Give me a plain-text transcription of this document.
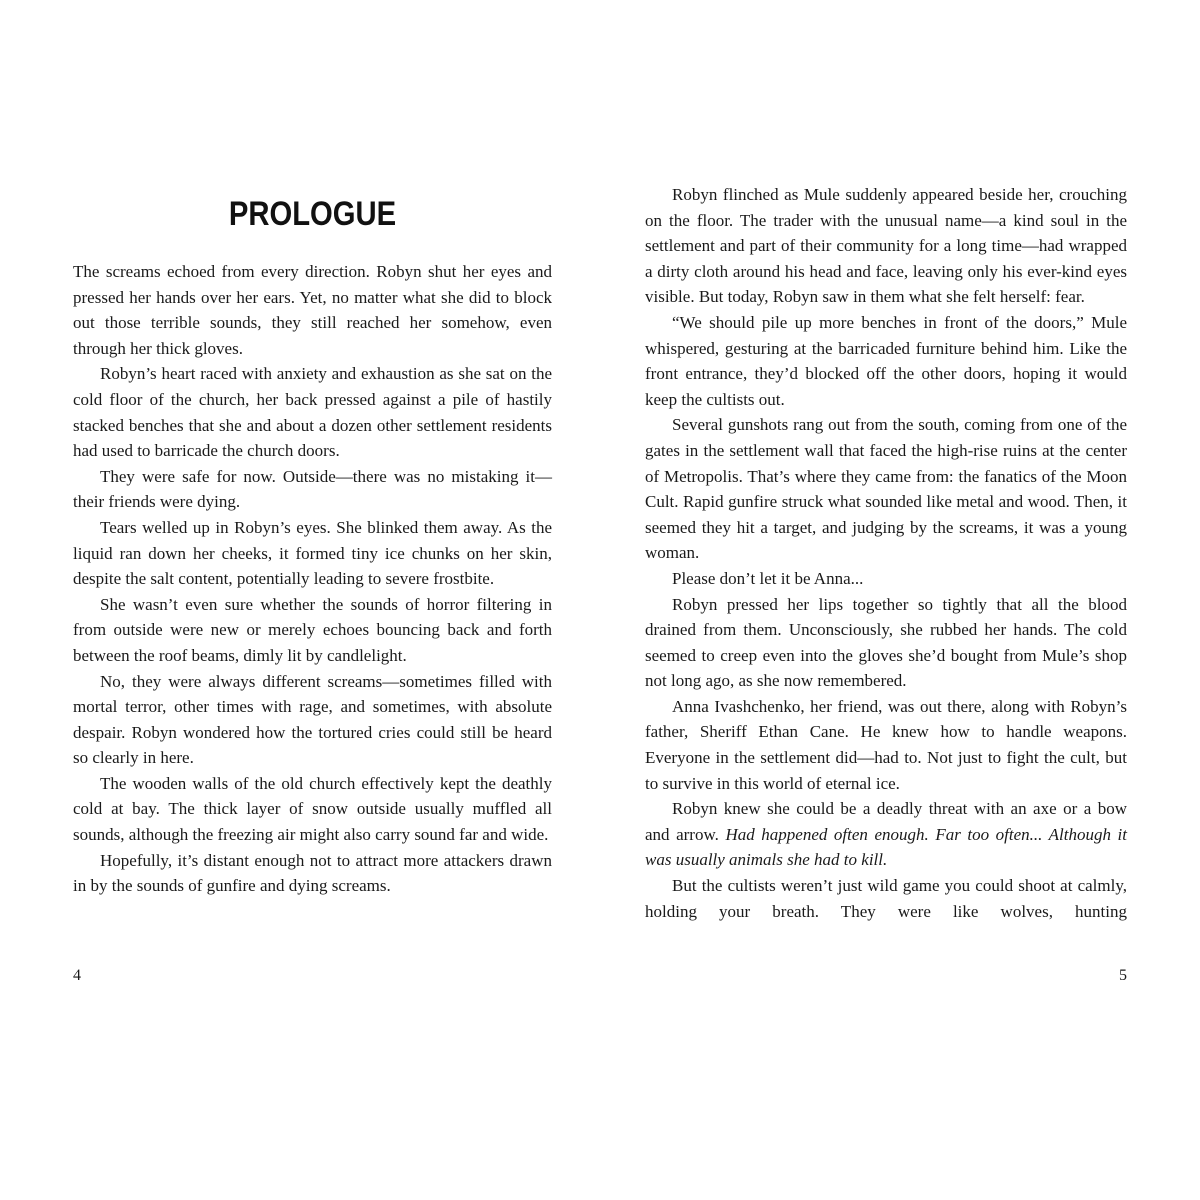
PROLOGUE

The screams echoed from every direction. Robyn shut her eyes and pressed her hands over her ears. Yet, no matter what she did to block out those terrible sounds, they still reached her somehow, even through her thick gloves.

Robyn’s heart raced with anxiety and exhaustion as she sat on the cold floor of the church, her back pressed against a pile of hastily stacked benches that she and about a dozen other settlement residents had used to barricade the church doors.

They were safe for now. Outside—there was no mistaking it—their friends were dying.

Tears welled up in Robyn’s eyes. She blinked them away. As the liquid ran down her cheeks, it formed tiny ice chunks on her skin, despite the salt content, potentially leading to severe frostbite.

She wasn’t even sure whether the sounds of horror filtering in from outside were new or merely echoes bouncing back and forth between the roof beams, dimly lit by candlelight.

No, they were always different screams—sometimes filled with mortal terror, other times with rage, and sometimes, with absolute despair. Robyn wondered how the tortured cries could still be heard so clearly in here.

The wooden walls of the old church effectively kept the deathly cold at bay. The thick layer of snow outside usually muffled all sounds, although the freezing air might also carry sound far and wide.

Hopefully, it’s distant enough not to attract more attackers drawn in by the sounds of gunfire and dying screams.

4

Robyn flinched as Mule suddenly appeared beside her, crouching on the floor. The trader with the unusual name—a kind soul in the settlement and part of their community for a long time—had wrapped a dirty cloth around his head and face, leaving only his ever-kind eyes visible. But today, Robyn saw in them what she felt herself: fear.

“We should pile up more benches in front of the doors,” Mule whispered, gesturing at the barricaded furniture behind him. Like the front entrance, they’d blocked off the other doors, hoping it would keep the cultists out.

Several gunshots rang out from the south, coming from one of the gates in the settlement wall that faced the high-rise ruins at the center of Metropolis. That’s where they came from: the fanatics of the Moon Cult. Rapid gunfire struck what sounded like metal and wood. Then, it seemed they hit a target, and judging by the screams, it was a young woman.

Please don’t let it be Anna...

Robyn pressed her lips together so tightly that all the blood drained from them. Unconsciously, she rubbed her hands. The cold seemed to creep even into the gloves she’d bought from Mule’s shop not long ago, as she now remembered.

Anna Ivashchenko, her friend, was out there, along with Robyn’s father, Sheriff Ethan Cane. He knew how to handle weapons. Everyone in the settlement did—had to. Not just to fight the cult, but to survive in this world of eternal ice.

Robyn knew she could be a deadly threat with an axe or a bow and arrow. Had happened often enough. Far too often... Although it was usually animals she had to kill.

But the cultists weren’t just wild game you could shoot at calmly, holding your breath. They were like wolves, hunting

5
